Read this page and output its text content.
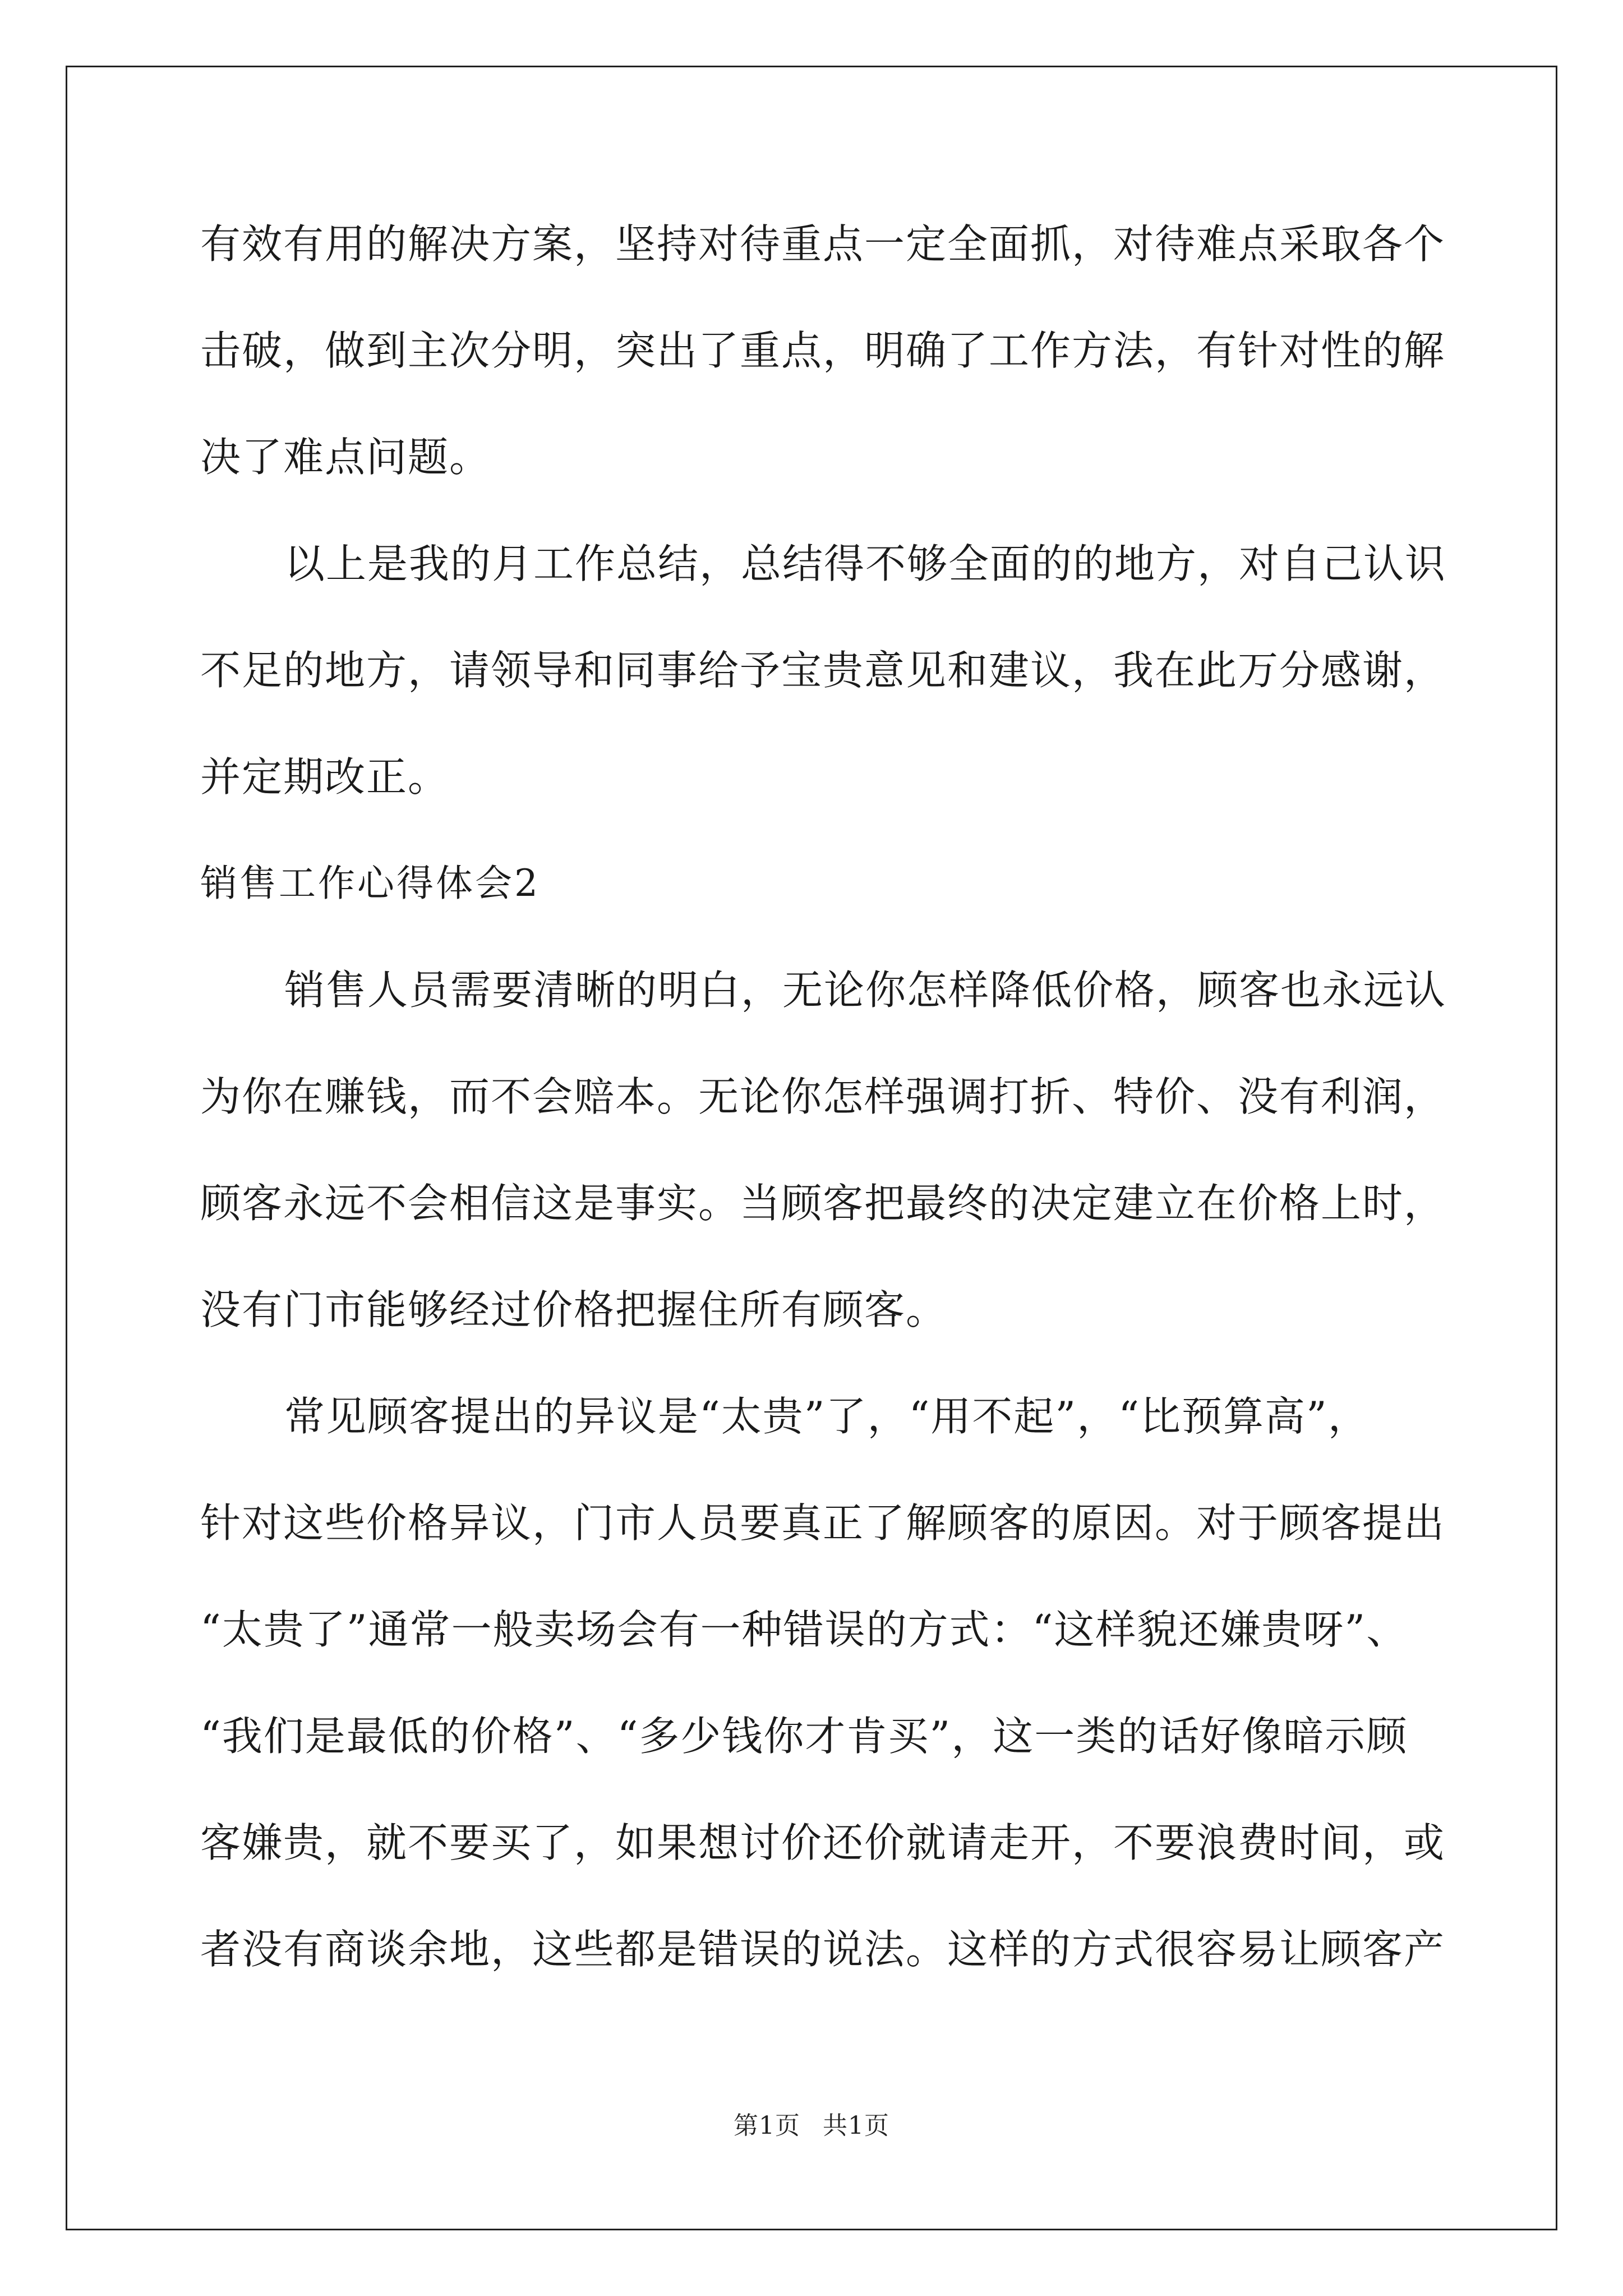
有效有用的解决方案，坚持对待重点一定全面抓，对待难点采取各个
击破，做到主次分明，突出了重点，明确了工作方法，有针对性的解
决了难点问题。
以上是我的月工作总结，总结得不够全面的的地方，对自己认识
不足的地方，请领导和同事给予宝贵意见和建议，我在此万分感谢，
并定期改正。
销售工作心得体会2
销售人员需要清晰的明白，无论你怎样降低价格，顾客也永远认
为你在赚钱，而不会赔本。无论你怎样强调打折、特价、没有利润，
顾客永远不会相信这是事实。当顾客把最终的决定建立在价格上时，
没有门市能够经过价格把握住所有顾客。
常见顾客提出的异议是“太贵”了，“用不起”，“比预算高”，
针对这些价格异议，门市人员要真正了解顾客的原因。对于顾客提出
“太贵了”通常一般卖场会有一种错误的方式：“这样貌还嫌贵呀”、
“我们是最低的价格”、“多少钱你才肯买”，这一类的话好像暗示顾
客嫌贵，就不要买了，如果想讨价还价就请走开，不要浪费时间，或
者没有商谈余地，这些都是错误的说法。这样的方式很容易让顾客产
第1页 共1页
